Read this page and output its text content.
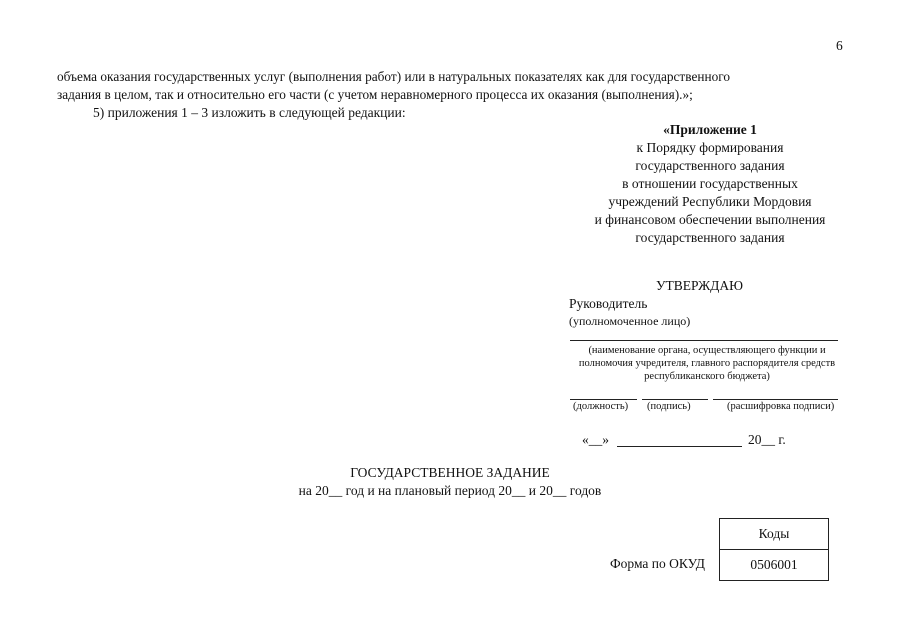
6
объема оказания государственных услуг (выполнения работ) или в натуральных показателях как для государственного
задания в целом, так и относительно его части (с учетом неравномерного процесса их оказания (выполнения).»;
5) приложения 1 – 3 изложить в следующей редакции:
«Приложение 1
к Порядку формирования
государственного задания
в отношении государственных
учреждений Республики Мордовия
и финансовом обеспечении выполнения
государственного задания
УТВЕРЖДАЮ
Руководитель
(уполномоченное лицо)
(наименование органа, осуществляющего функции и
полномочия учредителя, главного распорядителя средств
республиканского бюджета)
(должность) (подпись)	(расшифровка подписи)
«__»	20__ г.
ГОСУДАРСТВЕННОЕ ЗАДАНИЕ
на 20__ год и на плановый период 20__ и 20__ годов
Коды
0506001
Форма по ОКУД
